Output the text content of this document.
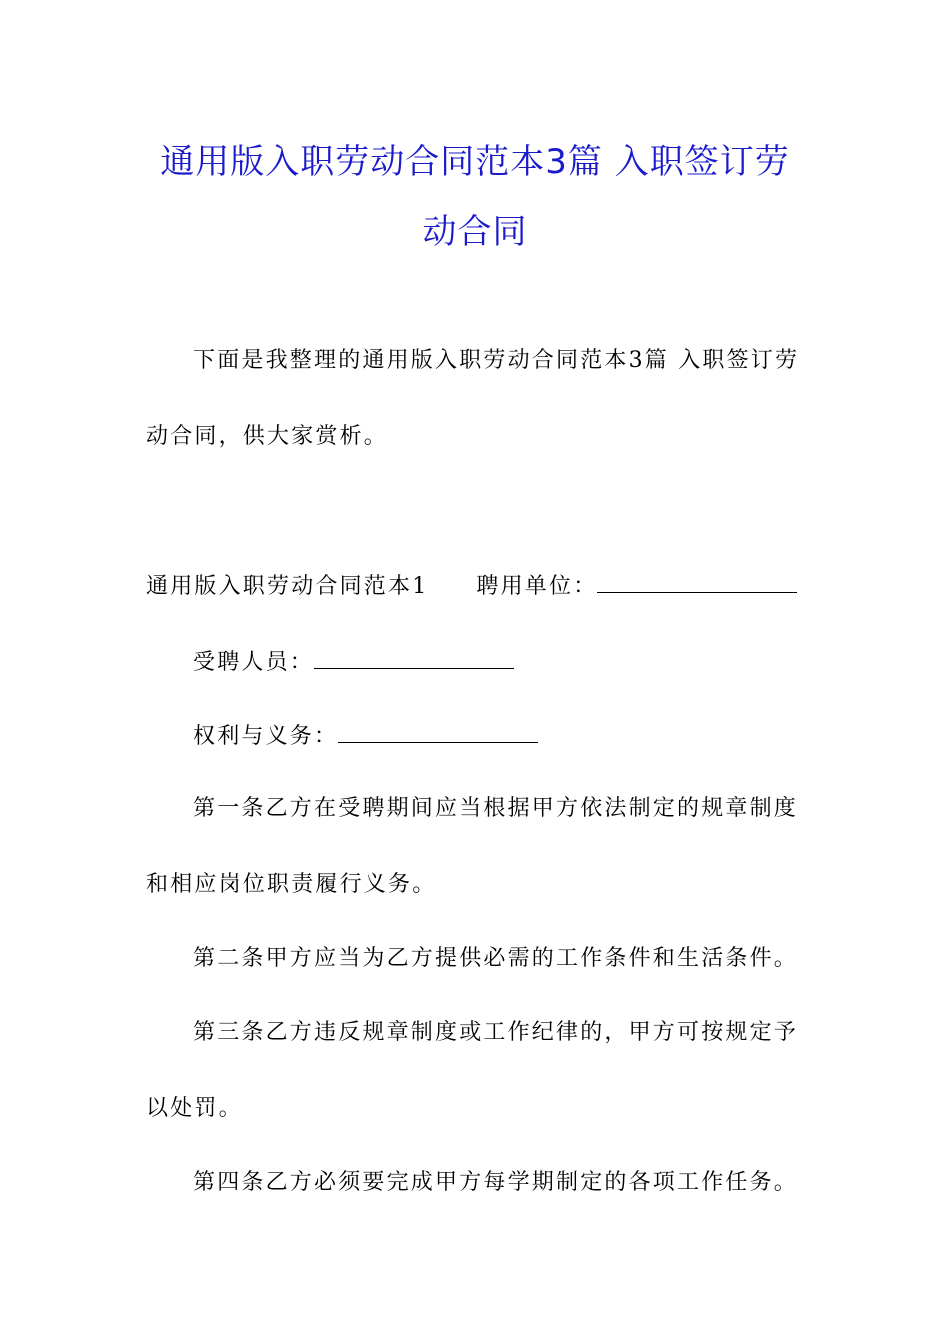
通用版入职劳动合同范本3篇 入职签订劳
动合同
下面是我整理的通用版入职劳动合同范本3篇 入职签订劳
动合同，供大家赏析。
通用版入职劳动合同范本1 聘用单位：
受聘人员：
权利与义务：
第一条乙方在受聘期间应当根据甲方依法制定的规章制度
和相应岗位职责履行义务。
第二条甲方应当为乙方提供必需的工作条件和生活条件。
第三条乙方违反规章制度或工作纪律的，甲方可按规定予
以处罚。
第四条乙方必须要完成甲方每学期制定的各项工作任务。
